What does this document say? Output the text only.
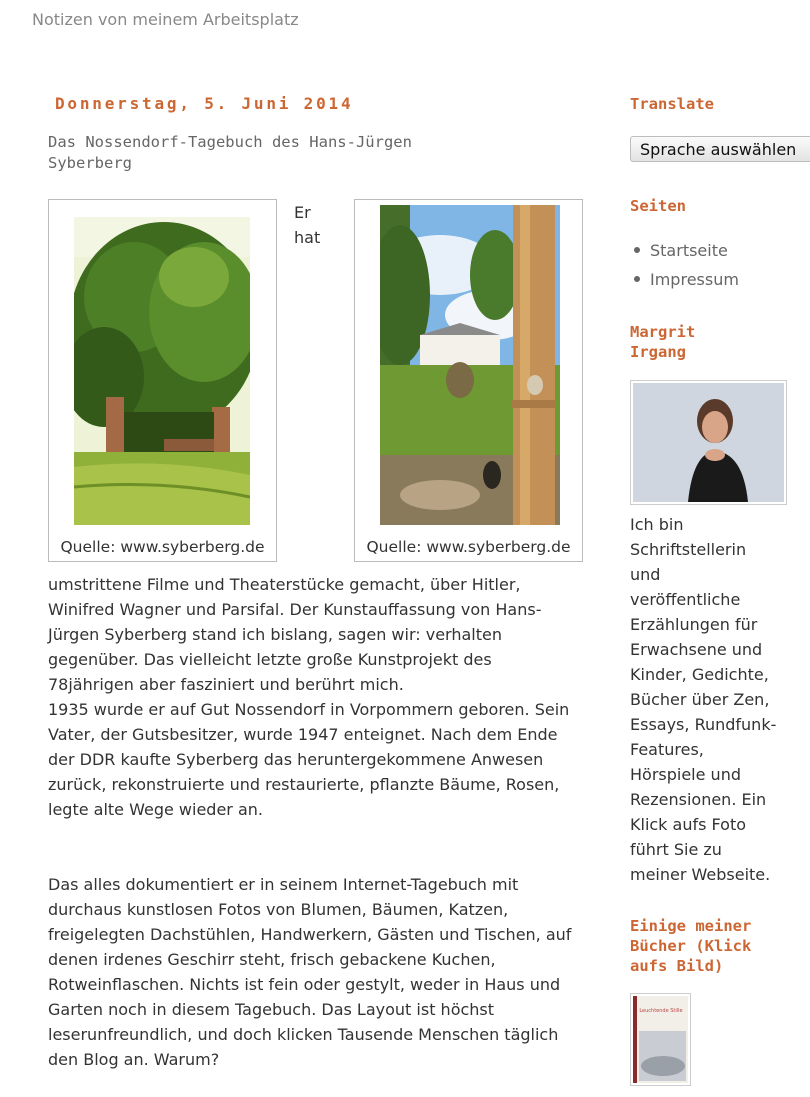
Notizen von meinem Arbeitsplatz
Donnerstag, 5. Juni 2014
Das Nossendorf-Tagebuch des Hans-Jürgen
Syberberg
Quelle: www.syberberg.de
Er
hat
Quelle: www.syberberg.de

umstrittene Filme und Theaterstücke gemacht, über Hitler,

Winifred Wagner und Parsifal. Der Kunstauffassung von Hans-

Jürgen Syberberg stand ich bislang, sagen wir: verhalten

gegenüber. Das vielleicht letzte große Kunstprojekt des

78jährigen aber fasziniert und berührt mich.

1935 wurde er auf Gut Nossendorf in Vorpommern geboren. Sein

Vater, der Gutsbesitzer, wurde 1947 enteignet. Nach dem Ende

der DDR kaufte Syberberg das heruntergekommene Anwesen

zurück, rekonstruierte und restaurierte, pflanzte Bäume, Rosen,

legte alte Wege wieder an.

Das alles dokumentiert er in seinem Internet-Tagebuch mit

durchaus kunstlosen Fotos von Blumen, Bäumen, Katzen,

freigelegten Dachstühlen, Handwerkern, Gästen und Tischen, auf

denen irdenes Geschirr steht, frisch gebackene Kuchen,

Rotweinflaschen. Nichts ist fein oder gestylt, weder in Haus und

Garten noch in diesem Tagebuch. Das Layout ist höchst

leserunfreundlich, und doch klicken Tausende Menschen täglich

den Blog an. Warum?

Translate
Sprache auswählen
Seiten
Startseite
Impressum
Margrit
Irgang
Ich bin
Schriftstellerin
und
veröffentliche
Erzählungen für
Erwachsene und
Kinder, Gedichte,
Bücher über Zen,
Essays, Rundfunk-
Features,
Hörspiele und
Rezensionen. Ein
Klick aufs Foto
führt Sie zu
meiner Webseite.
Einige meiner
Bücher (Klick
aufs Bild)
Leuchtende Stille
